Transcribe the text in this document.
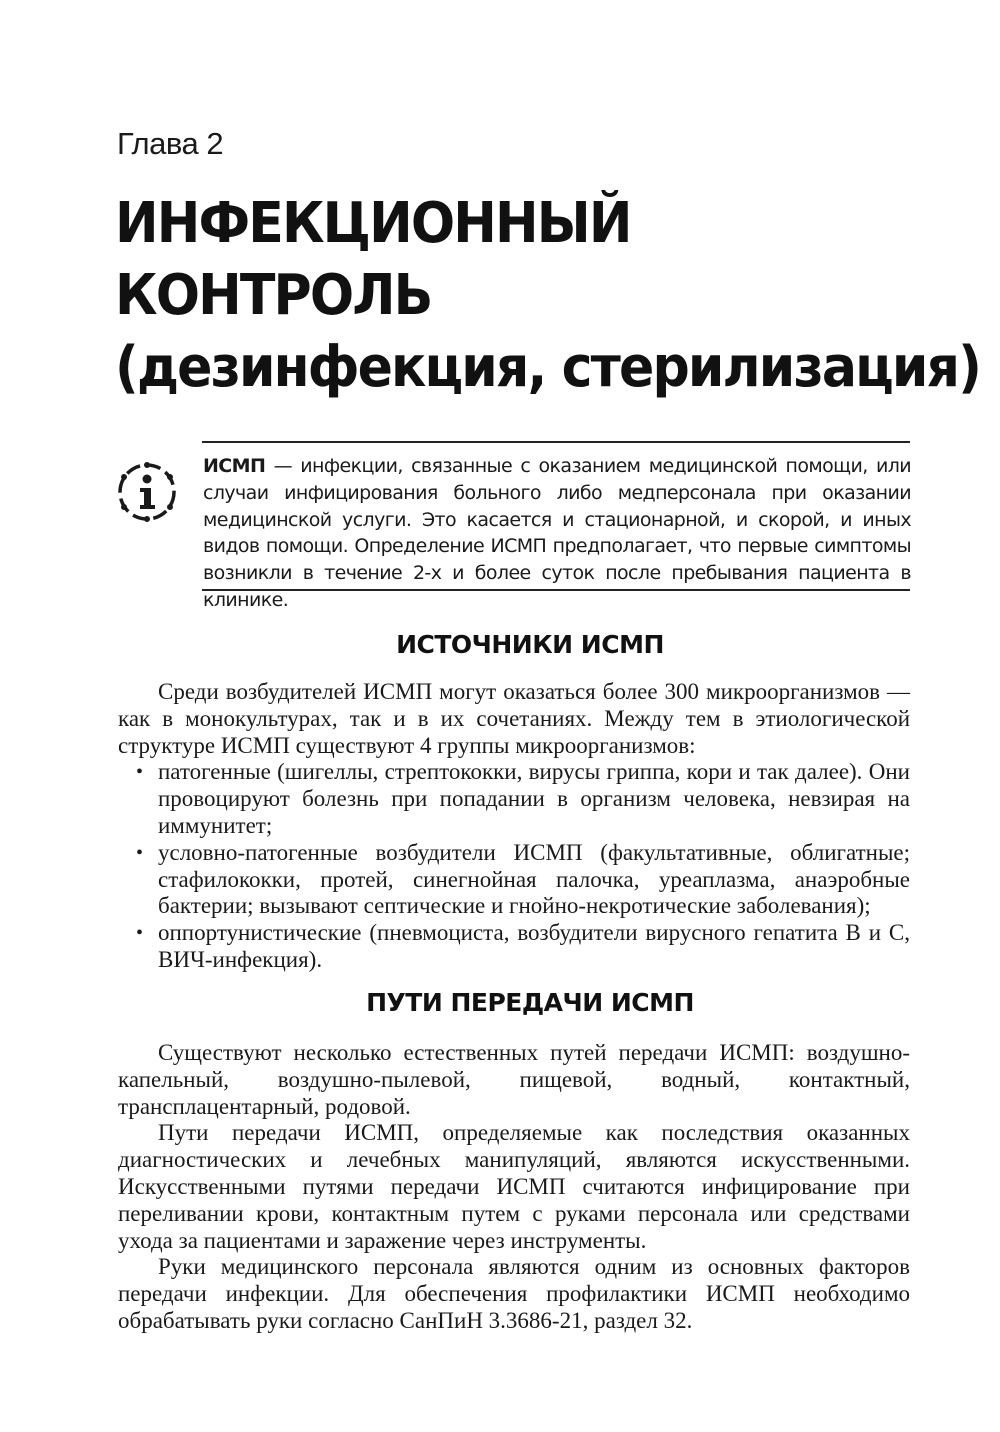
Глава 2
ИНФЕКЦИОННЫЙ
КОНТРОЛЬ
(дезинфекция, стерилизация)
ИСМП — инфекции, связанные с оказанием медицинской помощи, или случаи инфицирования больного либо медперсонала при оказании медицинской услуги. Это касается и стационарной, и скорой, и иных видов помощи. Определение ИСМП предполагает, что первые симптомы возникли в течение 2-х и более суток после пребывания пациента в клинике.
ИСТОЧНИКИ ИСМП

Среди возбудителей ИСМП могут оказаться более 300 микроорганизмов — как в монокультурах, так и в их сочетаниях. Между тем в этиологической структуре ИСМП существуют 4 группы микроорганизмов:

• патогенные (шигеллы, стрептококки, вирусы гриппа, кори и так далее). Они провоцируют болезнь при попадании в организм человека, невзирая на иммунитет;
• условно-патогенные возбудители ИСМП (факультативные, облигатные; стафилококки, протей, синегнойная палочка, уреаплазма, анаэробные бактерии; вызывают септические и гнойно-некротические заболевания);
• оппортунистические (пневмоциста, возбудители вирусного гепатита В и С, ВИЧ-инфекция).
ПУТИ ПЕРЕДАЧИ ИСМП

Существуют несколько естественных путей передачи ИСМП: воздушно-капельный, воздушно-пылевой, пищевой, водный, контактный, трансплацентарный, родовой.

Пути передачи ИСМП, определяемые как последствия оказанных диагностических и лечебных манипуляций, являются искусственными. Искусственными путями передачи ИСМП считаются инфицирование при переливании крови, контактным путем с руками персонала или средствами ухода за пациентами и заражение через инструменты.

Руки медицинского персонала являются одним из основных факторов передачи инфекции. Для обеспечения профилактики ИСМП необходимо обрабатывать руки согласно СанПиН 3.3686-21, раздел 32.
